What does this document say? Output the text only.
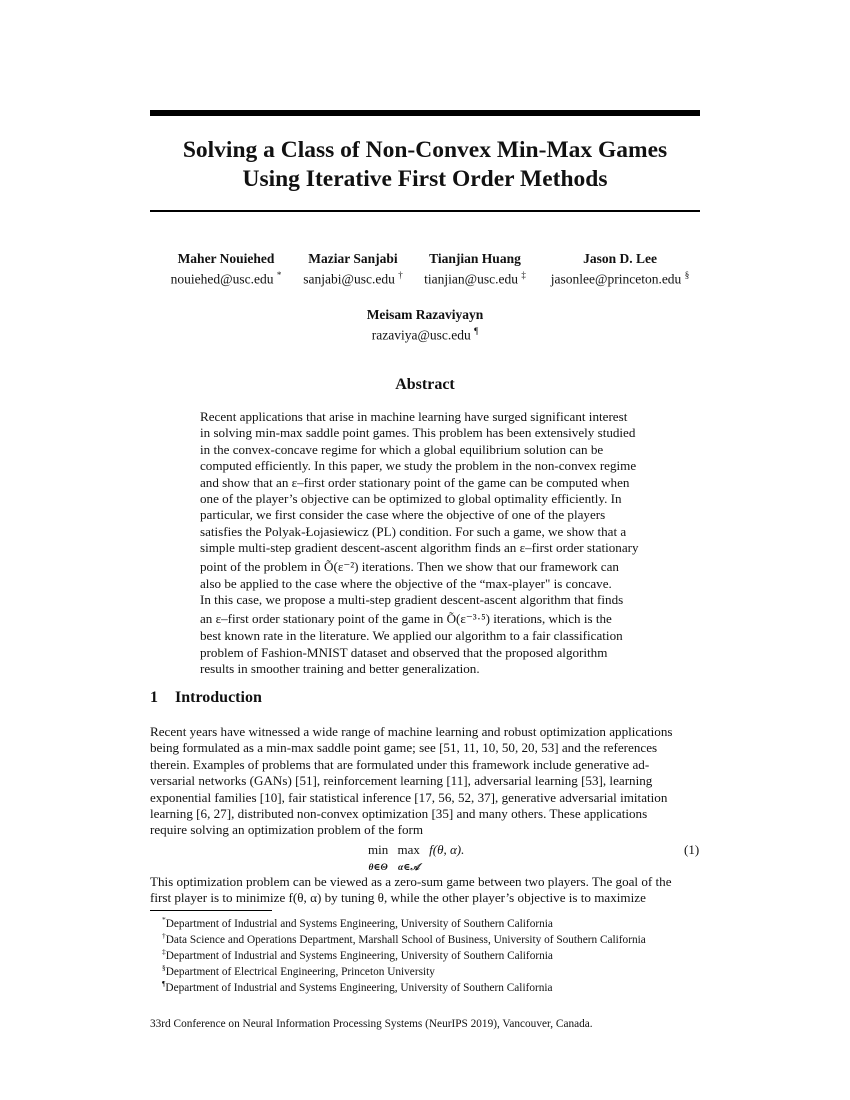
Solving a Class of Non-Convex Min-Max Games
Using Iterative First Order Methods
Maher Nouiehed
nouiehed@usc.edu *
Maziar Sanjabi
sanjabi@usc.edu †
Tianjian Huang
tianjian@usc.edu ‡
Jason D. Lee
jasonlee@princeton.edu §
Meisam Razaviyayn
razaviya@usc.edu ¶
Abstract
Recent applications that arise in machine learning have surged significant interest
in solving min-max saddle point games. This problem has been extensively studied
in the convex-concave regime for which a global equilibrium solution can be
computed efficiently. In this paper, we study the problem in the non-convex regime
and show that an ε–first order stationary point of the game can be computed when
one of the player’s objective can be optimized to global optimality efficiently. In
particular, we first consider the case where the objective of one of the players
satisfies the Polyak-Łojasiewicz (PL) condition. For such a game, we show that a
simple multi-step gradient descent-ascent algorithm finds an ε–first order stationary
point of the problem in Õ(ε⁻²) iterations. Then we show that our framework can
also be applied to the case where the objective of the “max-player" is concave.
In this case, we propose a multi-step gradient descent-ascent algorithm that finds
an ε–first order stationary point of the game in Õ(ε⁻³·⁵) iterations, which is the
best known rate in the literature. We applied our algorithm to a fair classification
problem of Fashion-MNIST dataset and observed that the proposed algorithm
results in smoother training and better generalization.
1 Introduction
Recent years have witnessed a wide range of machine learning and robust optimization applications
being formulated as a min-max saddle point game; see [51, 11, 10, 50, 20, 53] and the references
therein. Examples of problems that are formulated under this framework include generative ad-
versarial networks (GANs) [51], reinforcement learning [11], adversarial learning [53], learning
exponential families [10], fair statistical inference [17, 56, 52, 37], generative adversarial imitation
learning [6, 27], distributed non-convex optimization [35] and many others. These applications
require solving an optimization problem of the form
min
θ∈Θ max
α∈𝒜 f(θ, α).	(1)
This optimization problem can be viewed as a zero-sum game between two players. The goal of the
first player is to minimize f(θ, α) by tuning θ, while the other player’s objective is to maximize
*Department of Industrial and Systems Engineering, University of Southern California
†Data Science and Operations Department, Marshall School of Business, University of Southern California
‡Department of Industrial and Systems Engineering, University of Southern California
§Department of Electrical Engineering, Princeton University
¶Department of Industrial and Systems Engineering, University of Southern California
33rd Conference on Neural Information Processing Systems (NeurIPS 2019), Vancouver, Canada.
